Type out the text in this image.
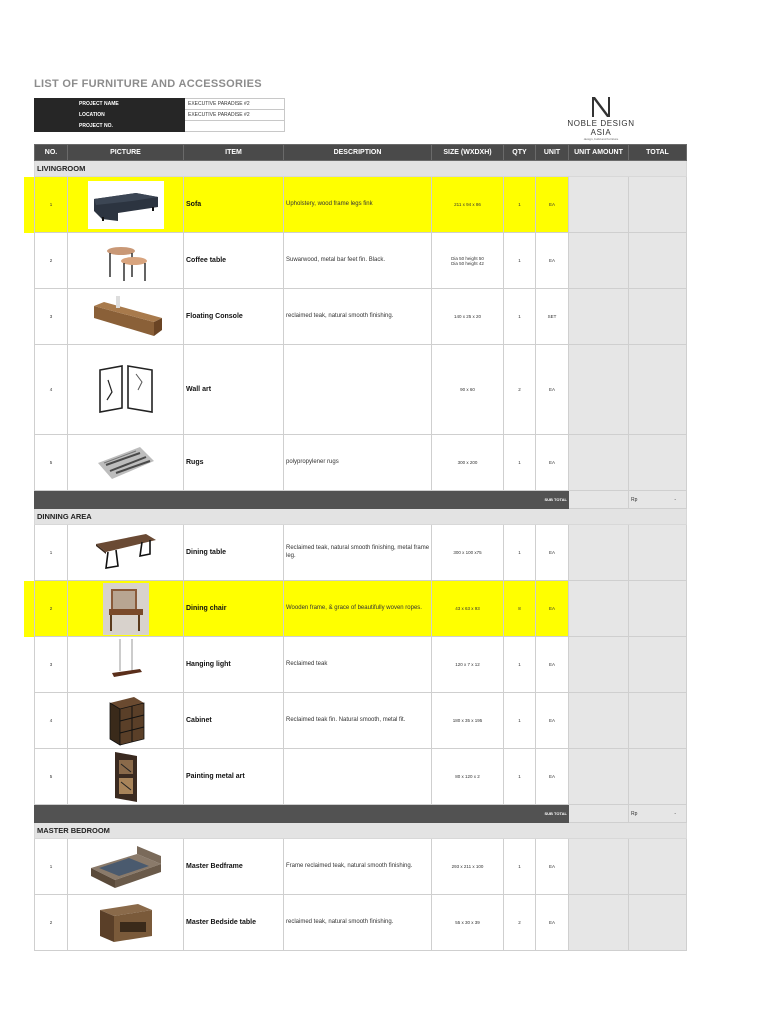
LIST OF FURNITURE AND ACCESSORIES
PROJECT NAME	EXECUTIVE PARADISE #2
LOCATION	EXECUTIVE PARADISE #2
PROJECT NO.		NOBLE DESIGN ASIA
design, build and furniture
NO.	PICTURE	ITEM	DESCRIPTION	SIZE (WXDXH)	QTY	UNIT	UNIT AMOUNT	TOTAL
LIVINGROOM								
1		Sofa	Upholstery, wood frame legs fink	211 x 94 x 86	1	EA		
2		Coffee table	Suwarwood, metal bar feet fin. Black.	Dia 50 height 50
Dia 50 height 42	1	EA		
3		Floating Console	reclaimed teak, natural smooth finishing.	140 x 25 x 20	1	SET		
4		Wall art		90 x 60	2	EA		
5		Rugs	polypropylener rugs	300 x 200	1	EA		
SUB TOTAL								Rp -

DINNING AREA								
1		Dining table	Reclaimed teak, natural smooth finishing, metal frame leg.	300 x 100 x75	1	EA		
2		Dining chair	Wooden frame, & grace of beautifully woven ropes.	43 x 63 x 93	8	EA		
3		Hanging light	Reclaimed teak	120 x 7 x 12	1	EA		
4		Cabinet	Reclaimed teak fin. Natural smooth, metal fit.	180 x 35 x 195	1	EA		
5		Painting metal art		80 x 120 x 2	1	EA		
SUB TOTAL								Rp -

MASTER BEDROOM								
1		Master Bedframe	Frame reclaimed teak, natural smooth finishing.	293 x 211 x 100	1	EA		
2		Master Bedside table	reclaimed teak, natural smooth finishing.	55 x 30 x 39	2	EA		
